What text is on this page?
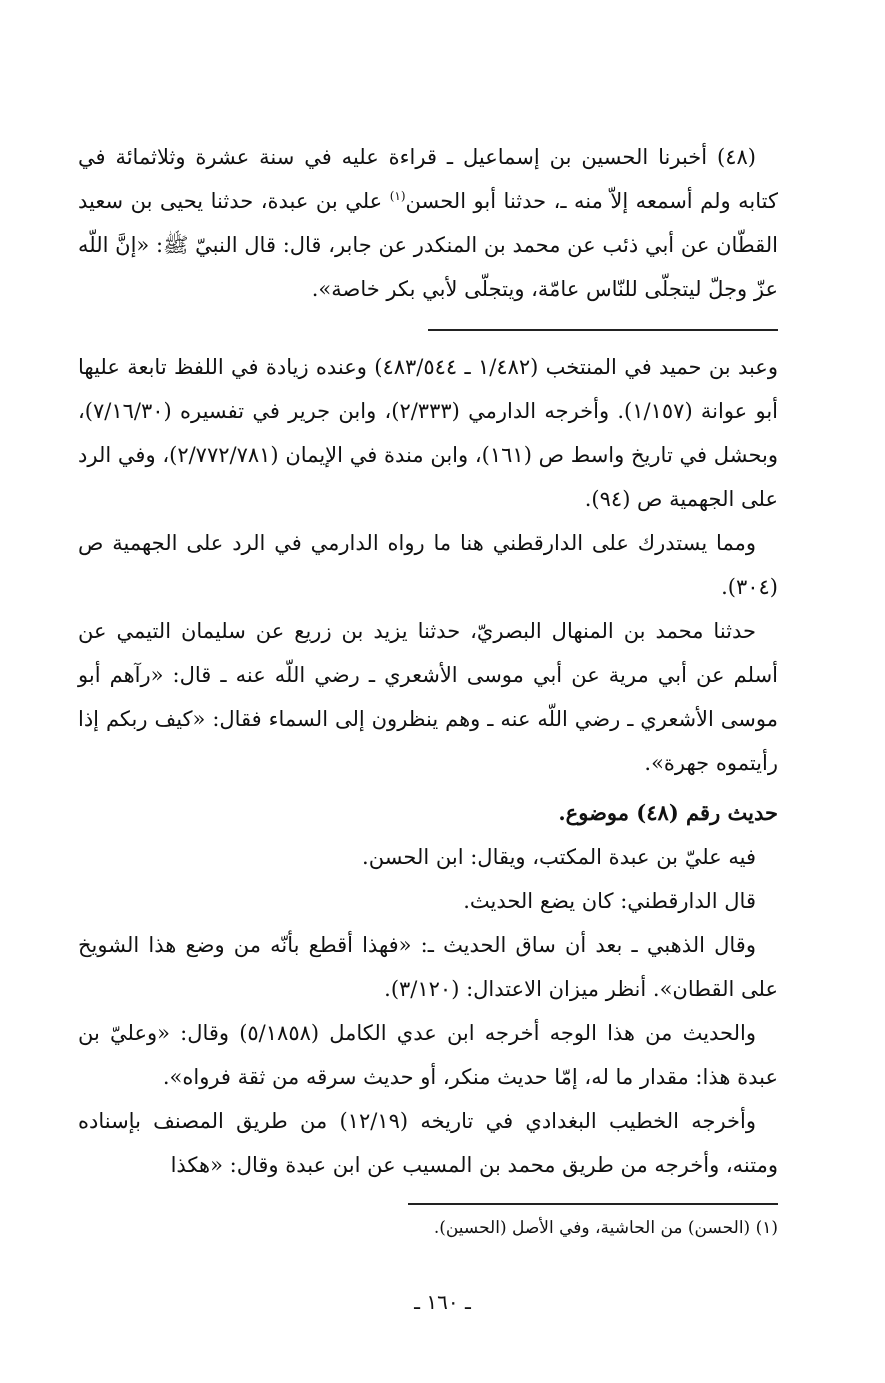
(٤٨) أخبرنا الحسين بن إسماعيل ـ قراءة عليه في سنة عشرة وثلاثمائة في كتابه ولم أسمعه إلاّ منه ـ، حدثنا أبو الحسن$^{(١)}$ علي بن عبدة، حدثنا يحيى بن سعيد القطّان عن أبي ذئب عن محمد بن المنكدر عن جابر، قال: قال النبيّ ﷺ: «إنَّ اللّه عزّ وجلّ ليتجلّى للنّاس عامّة، ويتجلّى لأبي بكر خاصة».

وعبد بن حميد في المنتخب (١/٤٨٢ ـ ٤٨٣/٥٤٤) وعنده زيادة في اللفظ تابعة عليها أبو عوانة (١/١٥٧). وأخرجه الدارمي (٢/٣٣٣)، وابن جرير في تفسيره (٧/١٦/٣٠)، وبحشل في تاريخ واسط ص (١٦١)، وابن مندة في الإيمان (٢/٧٧٢/٧٨١)، وفي الرد على الجهمية ص (٩٤).

ومما يستدرك على الدارقطني هنا ما رواه الدارمي في الرد على الجهمية ص (٣٠٤).

حدثنا محمد بن المنهال البصريّ، حدثنا يزيد بن زريع عن سليمان التيمي عن أسلم عن أبي مرية عن أبي موسى الأشعري ـ رضي اللّه عنه ـ قال: «رآهم أبو موسى الأشعري ـ رضي اللّه عنه ـ وهم ينظرون إلى السماء فقال: «كيف ربكم إذا رأيتموه جهرة».

حديث رقم (٤٨) موضوع.

فيه عليّ بن عبدة المكتب، ويقال: ابن الحسن.

قال الدارقطني: كان يضع الحديث.

وقال الذهبي ـ بعد أن ساق الحديث ـ: «فهذا أقطع بأنّه من وضع هذا الشويخ على القطان». أنظر ميزان الاعتدال: (٣/١٢٠).

والحديث من هذا الوجه أخرجه ابن عدي الكامل (٥/١٨٥٨) وقال: «وعليّ بن عبدة هذا: مقدار ما له، إمّا حديث منكر، أو حديث سرقه من ثقة فرواه».

وأخرجه الخطيب البغدادي في تاريخه (١٢/١٩) من طريق المصنف بإسناده ومتنه، وأخرجه من طريق محمد بن المسيب عن ابن عبدة وقال: «هكذا

(١) (الحسن) من الحاشية، وفي الأصل (الحسين).

ـ ١٦٠ ـ
